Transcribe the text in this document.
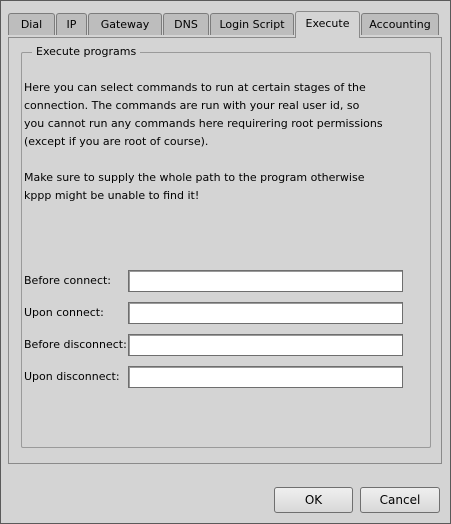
Dial	IP	Gateway	DNS	Login Script	Execute	Accounting
Execute programs

Here you can select commands to run at certain stages of the
connection. The commands are run with your real user id, so
you cannot run any commands here requirering root permissions
(except if you are root of course).

Make sure to supply the whole path to the program otherwise
kppp might be unable to find it!

Before connect:
Upon connect:
Before disconnect:
Upon disconnect:
OK	Cancel
